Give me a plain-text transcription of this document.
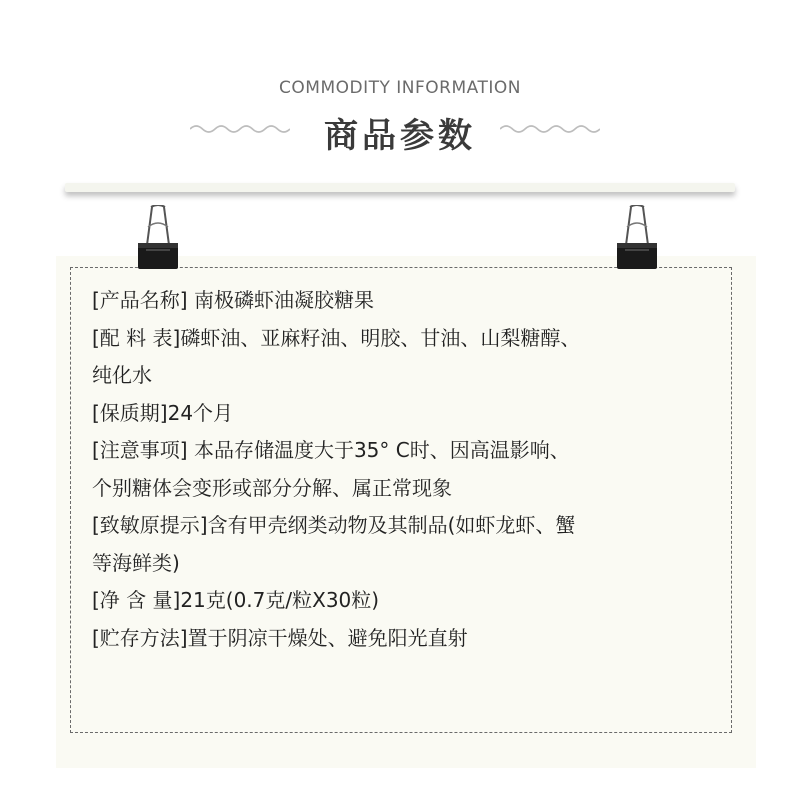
COMMODITY INFORMATION
商品参数
[产品名称] 南极磷虾油凝胶糖果
[配 料 表]磷虾油、亚麻籽油、明胶、甘油、山梨糖醇、
纯化水
[保质期]24个月
[注意事项] 本品存储温度大于35° C时、因高温影响、
个别糖体会变形或部分分解、属正常现象
[致敏原提示]含有甲壳纲类动物及其制品(如虾龙虾、蟹
等海鲜类)
[净 含 量]21克(0.7克/粒X30粒)
[贮存方法]置于阴凉干燥处、避免阳光直射
